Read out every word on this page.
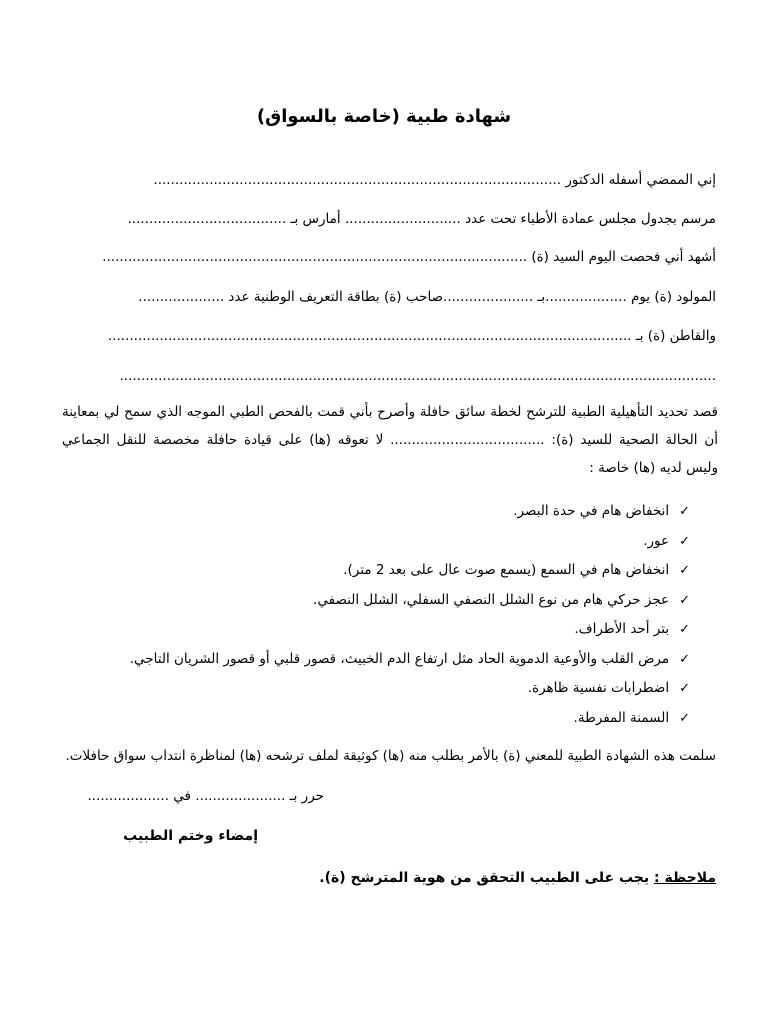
شهادة طبية (خاصة بالسواق)
إني الممضي أسفله الدكتور ...............................................................................................
مرسم بجدول مجلس عمادة الأطباء تحت عدد ........................... أمارس بـ .....................................
أشهد أني فحصت اليوم السيد (ة) ...................................................................................................
المولود (ة) يوم ...................بـ .....................صاحب (ة) بطاقة التعريف الوطنية عدد ....................
والقاطن (ة) بـ ..........................................................................................................................
...........................................................................................................................................
قصد تحديد التأهيلية الطبية للترشح لخطة سائق حافلة وأصرح بأني قمت بالفحص الطبي الموجه الذي سمح لي بمعاينة أن الحالة الصحية للسيد (ة): .................................... لا تعوقه (ها) على قيادة حافلة مخصصة للنقل الجماعي وليس لديه (ها) خاصة :
✓انخفاض هام في حدة البصر.
✓عور.
✓انخفاض هام في السمع (يسمع صوت عال على بعد 2 متر).
✓عجز حركي هام من نوع الشلل النصفي السفلي، الشلل النصفي.
✓بتر أحد الأطراف.
✓مرض القلب والأوعية الدموية الحاد مثل ارتفاع الدم الخبيث، قصور قلبي أو قصور الشريان التاجي.
✓اضطرابات نفسية ظاهرة.
✓السمنة المفرطة.
سلمت هذه الشهادة الطبية للمعني (ة) بالأمر بطلب منه (ها) كوثيقة لملف ترشحه (ها) لمناظرة انتداب سواق حافلات.
حرر بـ ..................... في ...................
إمضاء وختم الطبيب
ملاحظة : يجب على الطبيب التحقق من هوية المترشح (ة).
